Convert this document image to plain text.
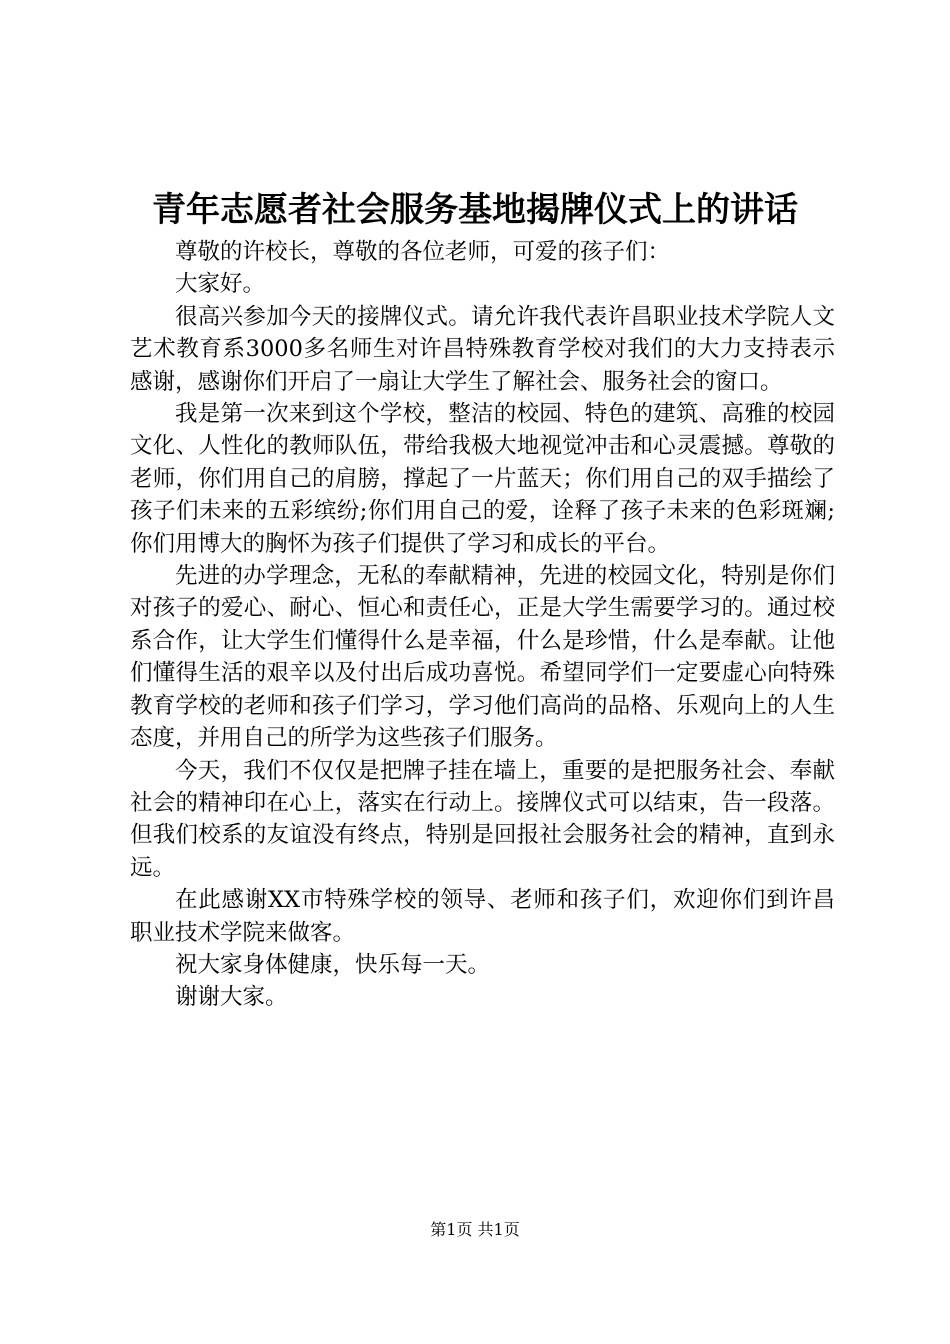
青年志愿者社会服务基地揭牌仪式上的讲话

尊敬的许校长，尊敬的各位老师，可爱的孩子们：

大家好。

很高兴参加今天的接牌仪式。请允许我代表许昌职业技术学院人文艺术教育系3000多名师生对许昌特殊教育学校对我们的大力支持表示感谢，感谢你们开启了一扇让大学生了解社会、服务社会的窗口。

我是第一次来到这个学校，整洁的校园、特色的建筑、高雅的校园文化、人性化的教师队伍，带给我极大地视觉冲击和心灵震撼。尊敬的老师，你们用自己的肩膀，撑起了一片蓝天；你们用自己的双手描绘了孩子们未来的五彩缤纷;你们用自己的爱，诠释了孩子未来的色彩斑斓;你们用博大的胸怀为孩子们提供了学习和成长的平台。

先进的办学理念，无私的奉献精神，先进的校园文化，特别是你们对孩子的爱心、耐心、恒心和责任心，正是大学生需要学习的。通过校系合作，让大学生们懂得什么是幸福，什么是珍惜，什么是奉献。让他们懂得生活的艰辛以及付出后成功喜悦。希望同学们一定要虚心向特殊教育学校的老师和孩子们学习，学习他们高尚的品格、乐观向上的人生态度，并用自己的所学为这些孩子们服务。

今天，我们不仅仅是把牌子挂在墙上，重要的是把服务社会、奉献社会的精神印在心上，落实在行动上。接牌仪式可以结束，告一段落。但我们校系的友谊没有终点，特别是回报社会服务社会的精神，直到永远。

在此感谢XX市特殊学校的领导、老师和孩子们，欢迎你们到许昌职业技术学院来做客。

祝大家身体健康，快乐每一天。

谢谢大家。

第1页 共1页
